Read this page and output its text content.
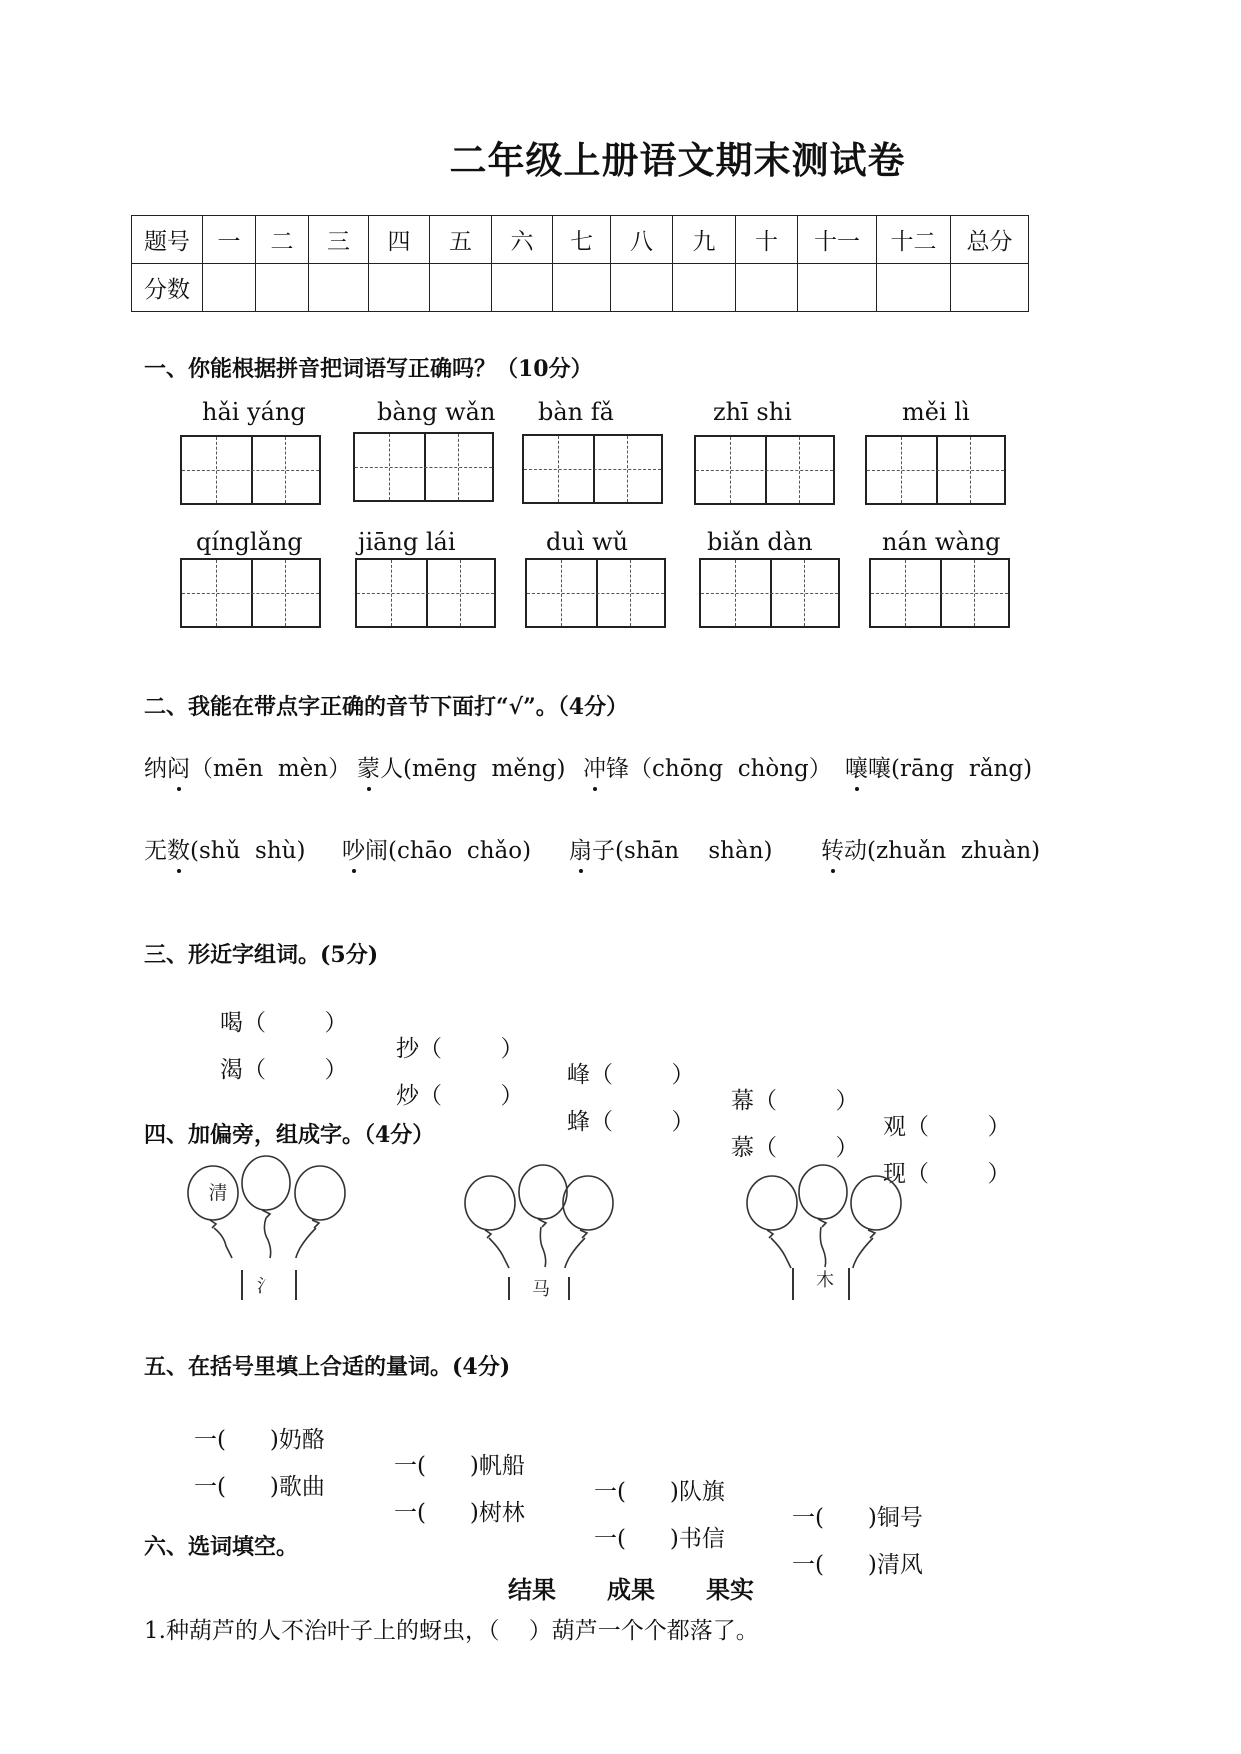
二年级上册语文期末测试卷
题号	一	二	三	四	五	六	七	八	九	十	十一	十二	总分
分数													
一、你能根据拼音把词语写正确吗？（10分）
hǎi yáng	bàng wǎn bàn fǎ	zhī shi	měi lì
qínglǎng jiāng lái	duì wǔ	biǎn dàn	nán wàng
二、我能在带点字正确的音节下面打“√”。（4分）
纳闷（mēn  mèn） 蒙人(mēng  měng) 冲锋（chōng  chòng） 嚷嚷(rāng  rǎng)
无数(shǔ  shù) 吵闹(chāo  chǎo) 扇子(shān    shàn) 转动(zhuǎn  zhuàn)
三、形近字组词。(5分)

喝（        ）

抄（        ）

峰（        ）

幕（        ）

观（        ）

渴（        ）

炒（        ）

蜂（        ）

慕（        ）

现（        ）

四、加偏旁，组成字。（4分）
清
氵	马	木
五、在括号里填上合适的量词。(4分)

一(      )奶酪

一(      )帆船

一(      )队旗

一(      )铜号

一(      )歌曲

一(      )树林

一(      )书信

一(      )清风

六、选词填空。
结果 成果 果实
1.种葫芦的人不治叶子上的蚜虫，（    ）葫芦一个个都落了。
